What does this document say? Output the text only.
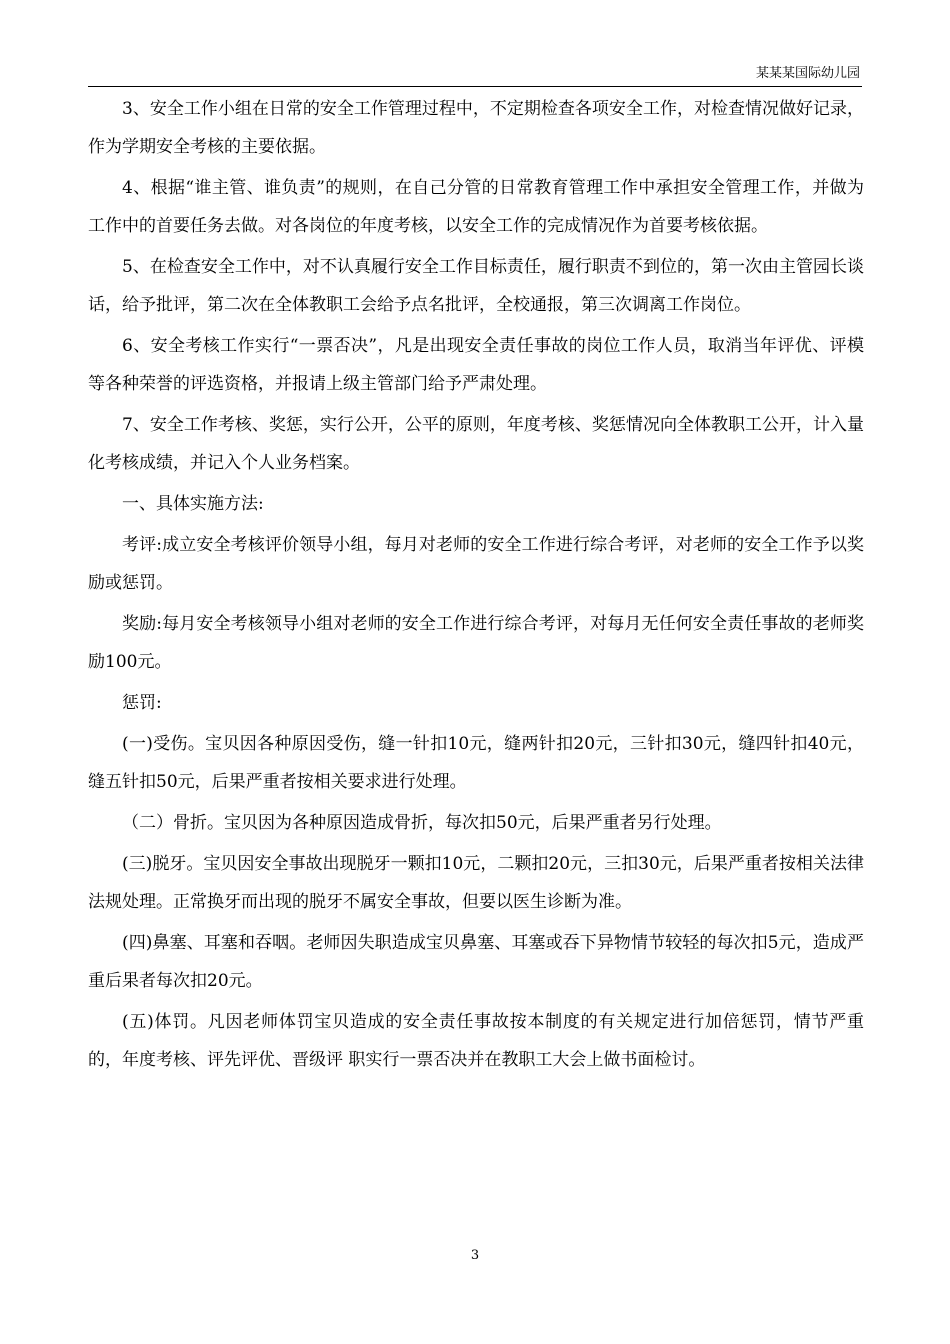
某某某国际幼儿园

3、安全工作小组在日常的安全工作管理过程中，不定期检查各项安全工作，对检查情况做好记录，作为学期安全考核的主要依据。

4、根据“谁主管、谁负责”的规则，在自己分管的日常教育管理工作中承担安全管理工作，并做为工作中的首要任务去做。对各岗位的年度考核，以安全工作的完成情况作为首要考核依据。

5、在检查安全工作中，对不认真履行安全工作目标责任，履行职责不到位的，第一次由主管园长谈话，给予批评，第二次在全体教职工会给予点名批评，全校通报，第三次调离工作岗位。

6、安全考核工作实行“一票否决”，凡是出现安全责任事故的岗位工作人员，取消当年评优、评模等各种荣誉的评选资格，并报请上级主管部门给予严肃处理。

7、安全工作考核、奖惩，实行公开，公平的原则，年度考核、奖惩情况向全体教职工公开，计入量化考核成绩，并记入个人业务档案。

一、具体实施方法:

考评:成立安全考核评价领导小组，每月对老师的安全工作进行综合考评，对老师的安全工作予以奖励或惩罚。

奖励:每月安全考核领导小组对老师的安全工作进行综合考评，对每月无任何安全责任事故的老师奖励100元。

惩罚:

(一)受伤。宝贝因各种原因受伤，缝一针扣10元，缝两针扣20元，三针扣30元，缝四针扣40元，缝五针扣50元，后果严重者按相关要求进行处理。

（二）骨折。宝贝因为各种原因造成骨折，每次扣50元，后果严重者另行处理。

(三)脱牙。宝贝因安全事故出现脱牙一颗扣10元，二颗扣20元，三扣30元，后果严重者按相关法律法规处理。正常换牙而出现的脱牙不属安全事故，但要以医生诊断为准。

(四)鼻塞、耳塞和吞咽。老师因失职造成宝贝鼻塞、耳塞或吞下异物情节较轻的每次扣5元，造成严重后果者每次扣20元。

(五)体罚。凡因老师体罚宝贝造成的安全责任事故按本制度的有关规定进行加倍惩罚，情节严重的，年度考核、评先评优、晋级评 职实行一票否决并在教职工大会上做书面检讨。

3
